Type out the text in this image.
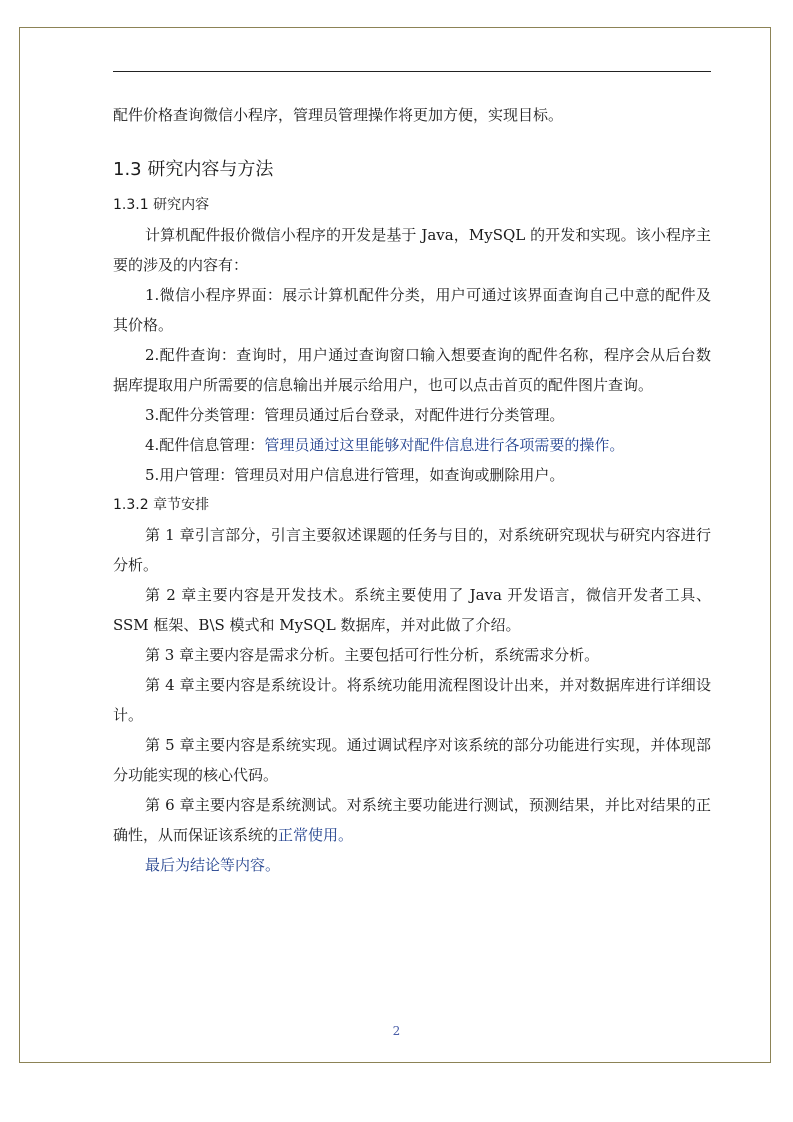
配件价格查询微信小程序，管理员管理操作将更加方便，实现目标。

1.3 研究内容与方法
1.3.1 研究内容

计算机配件报价微信小程序的开发是基于 Java，MySQL 的开发和实现。该小程序主要的涉及的内容有：

1.微信小程序界面：展示计算机配件分类，用户可通过该界面查询自己中意的配件及其价格。

2.配件查询：查询时，用户通过查询窗口输入想要查询的配件名称，程序会从后台数据库提取用户所需要的信息输出并展示给用户，也可以点击首页的配件图片查询。

3.配件分类管理：管理员通过后台登录，对配件进行分类管理。

4.配件信息管理：管理员通过这里能够对配件信息进行各项需要的操作。

5.用户管理：管理员对用户信息进行管理，如查询或删除用户。

1.3.2 章节安排

第 1 章引言部分，引言主要叙述课题的任务与目的，对系统研究现状与研究内容进行分析。

第 2 章主要内容是开发技术。系统主要使用了 Java 开发语言，微信开发者工具、SSM 框架、B\S 模式和 MySQL 数据库，并对此做了介绍。

第 3 章主要内容是需求分析。主要包括可行性分析，系统需求分析。

第 4 章主要内容是系统设计。将系统功能用流程图设计出来，并对数据库进行详细设计。

第 5 章主要内容是系统实现。通过调试程序对该系统的部分功能进行实现，并体现部分功能实现的核心代码。

第 6 章主要内容是系统测试。对系统主要功能进行测试，预测结果，并比对结果的正确性，从而保证该系统的正常使用。

最后为结论等内容。

2
